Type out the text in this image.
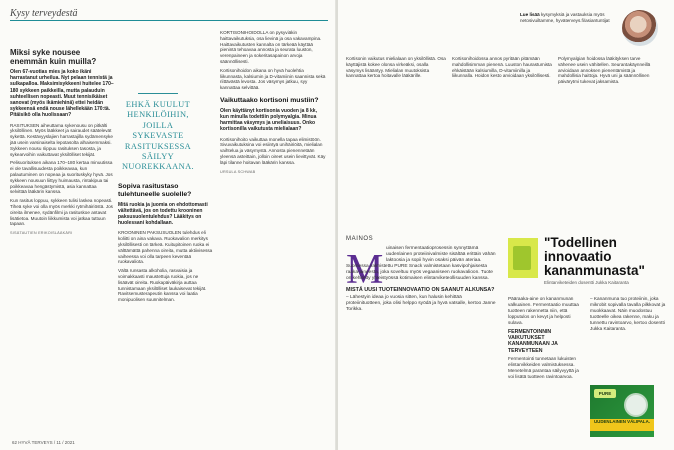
Kysy terveydestä
Miksi syke nousee enemmän kuin muilla?
Olen 67-vuotias mies ja koko ikäni harrastanut urheilua. Nyt pelaan tennistä ja sulkapalloa. Maksimisykkeeni huitelee 170–180 sykkeen paikkeilla, mutta palauduin suhteellisen nopeasti. Muut tennisikäiset sanovat (myös ikämiehinä) ettei heidän sykkeensä endä nouse lähellekään 170:tä. Pitäisikö olla huolissaan?

RASITUKSEN aiheuttama sykenousu on pitkälti yksilöllinen. Myös lääkkeet ja sairaudet säätelevät sykettä. Kestävyyslajien harrastajilla sydämensyke jää usein varsinaiselta lepotasolta alhaisemmaksi. Sykkeen nousu riippuu rasituksen tasosta, ja sykearvoihin vaikuttavat yksilölliset tekijät.

Pelisuorituksen aikana 170–180 kertaa minuutissa ei ole tavallisuudesta poikkeavaa, kun palautuminen on nopeaa ja suorituskyky hyvä. Jos sykkeen nousuun liittyy huimausta, rintakipua tai poikkeavaa hengästymistä, asia kannattaa selvittää lääkärin kanssa.

Kun rasitus loppuu, sykkeen tulisi laskea nopeasti. Tiheä syke voi olla myös merkki rytmihäiriöstä. Jos oireita ilmenee, sydänfilmi ja rasituskoe antavat lisätietoa. Muutoin liikkumista voi jatkaa tuttuun tapaan.

SISÄTAUTIEN ERIKOISLÄÄKÄRI
EHKÄ KUULUT HENKILÖIHIN, JOILLA SYKEVASTE RASITUKSESSA SÄILYY NUOREKKAANA.
Sopiva rasitustaso tulehtuneelle suolelle?
Mitä ruokia ja juomia on ehdottomasti vältettävä, jos on todettu krooninen paksusuolentulehdus? Lääkitys on huolessani kohdallaan.

KROONINEN PAKSUSUOLEN tulehdus eli koliitti on aina vakava. Ruokavalion merkitys yksilöllisesti on tärkeä. Kuitupitoinen ruoka ei välttämättä pahenna oireita, mutta aktiivisessa vaiheessa voi olla tarpeen keventää ruokavaliota.

Vältä runsasta alkoholia, rasvaisia ja voimakkaasti maustettuja ruokia, jos ne lisäävät oireita. Ruokapäiväkirja auttaa tunnistamaan yksilölliset laukaisevat tekijät. Ravitsemusterapeutin kanssa voi laatia monipuolisen suunnitelman.

KORTISONIHOIDOLLA on pysyviäkin haittavaikutuksia, osa lievinä ja osa vakavampina. Haittavaikutusten kannalta on tärkeää käyttää pienintä tehoavaa annosta ja seurata luuston, verenpaineen ja sokeritasapainon arvoja säännöllisesti.

Kortisonihoidon aikana on hyvä huolehtia liikunnasta, kalsiumin ja D-vitamiinin saannista sekä riittävästä levosta. Jos väsymys jatkuu, syy kannattaa selvittää.

Vaikuttaako kortisoni mustiin?
Olen käyttänyt kortisonia vuoden ja 8 kk, kun minulla todettiin polymyalgia. Minua harmittaa väsymys ja uneliaisuus. Onko kortisonilla vaikutusta mielialaan?

Kortisonihoito vaikuttaa monella tapaa elimistöön. Sivuvaikutuksina voi esiintyä unihäiriöitä, mielialan vaihtelua ja väsymystä. Annosta pienennetään yleensä asteittain, jolloin oireet usein lievittyvät. Käy läpi tilanne hoitavan lääkärin kanssa.

URSULA SCHWAB
62 HYVÄ TERVEYS / 11 / 2021
Lue lisää kysymyksiä ja vastauksia myös netosivuiltamme, hyväterveys.fi/asiantuntijat

Kortisonin vaikutus mielialaan on yksilöllistä. Osa käyttäjistä kokee olonsa virkeäksi, osalla väsymys lisääntyy. Mielialan muutoksista kannattaa kertoa hoitavalle lääkärille.

Kortisonihoidossa annos pyritään pitämään mahdollisimman pienenä. Luuston haurastumista ehkäistään kalsiumilla, D-vitamiinilla ja liikunnalla. Hoidon kesto arvioidaan yksilöllisesti.

Polymyalgian hoidossa lääkityksen tarve vähenee usein vähitellen. Seurantakäynneillä arvioidaan annoksen pienentämistä ja mahdollisia haittoja. Hyvä uni ja säännöllinen päivärytmi tukevat jaksamista.

MAINOS
M uinaisen fermentaatioprosessin synnyttämä uudenlainen proteiinivalmiste sisältää erittäin vähän laktoosia ja sopii hyvin osaksi päivän ateriaa.
Suomessa valmistettu PURE Snack valmistetaan kasvipohjaisesta raaka-aineesta, joka soveltuu myös vegaaniseen ruokavalioon. Tuote on kehitetty yhteistyössä kotimaisen elintarviketeollisuuden kanssa.
MISTÄ UUSI TUOTEINNOVAATIO ON SAANUT ALKUNSA?
– Lähestyin ideaa jo vuosia sitten, kun halusin kehittää proteiinituotteen, joka olisi helppo syödä ja hyvä vatsalle, kertoo Janne Torikka.
"Todellinen innovaatio kananmunasta"
Elintarviketeiden dosentti Jukka Kaitaranta
Pääraaka-aine on kananmunan valkuainen. Fermentaatio muuttaa tuotteen rakennetta niin, että lopputulos on kevyt ja helposti sulava.
FERMENTOINNIN VAIKUTUKSET KANANMUNAAN JA TERVEYTEEN
Fermentointi tunnetaan lukuisten elintarvikkeiden valmistuksessa. Menetelmä parantaa säilyvyyttä ja voi lisätä tuotteen ravintoarvoa.
– Kananmuna tuo proteiinin, joka mikrobit sopivalla tavalla pilkkovat ja muokkaavat. Näin muodostuu tuotteelle oikea rakenne, maku ja tunnettu ravintoarvo, kertoo dosentti Jukka Kaitaranta.
PURE
UUDENLAINEN VÄLIPALA.
